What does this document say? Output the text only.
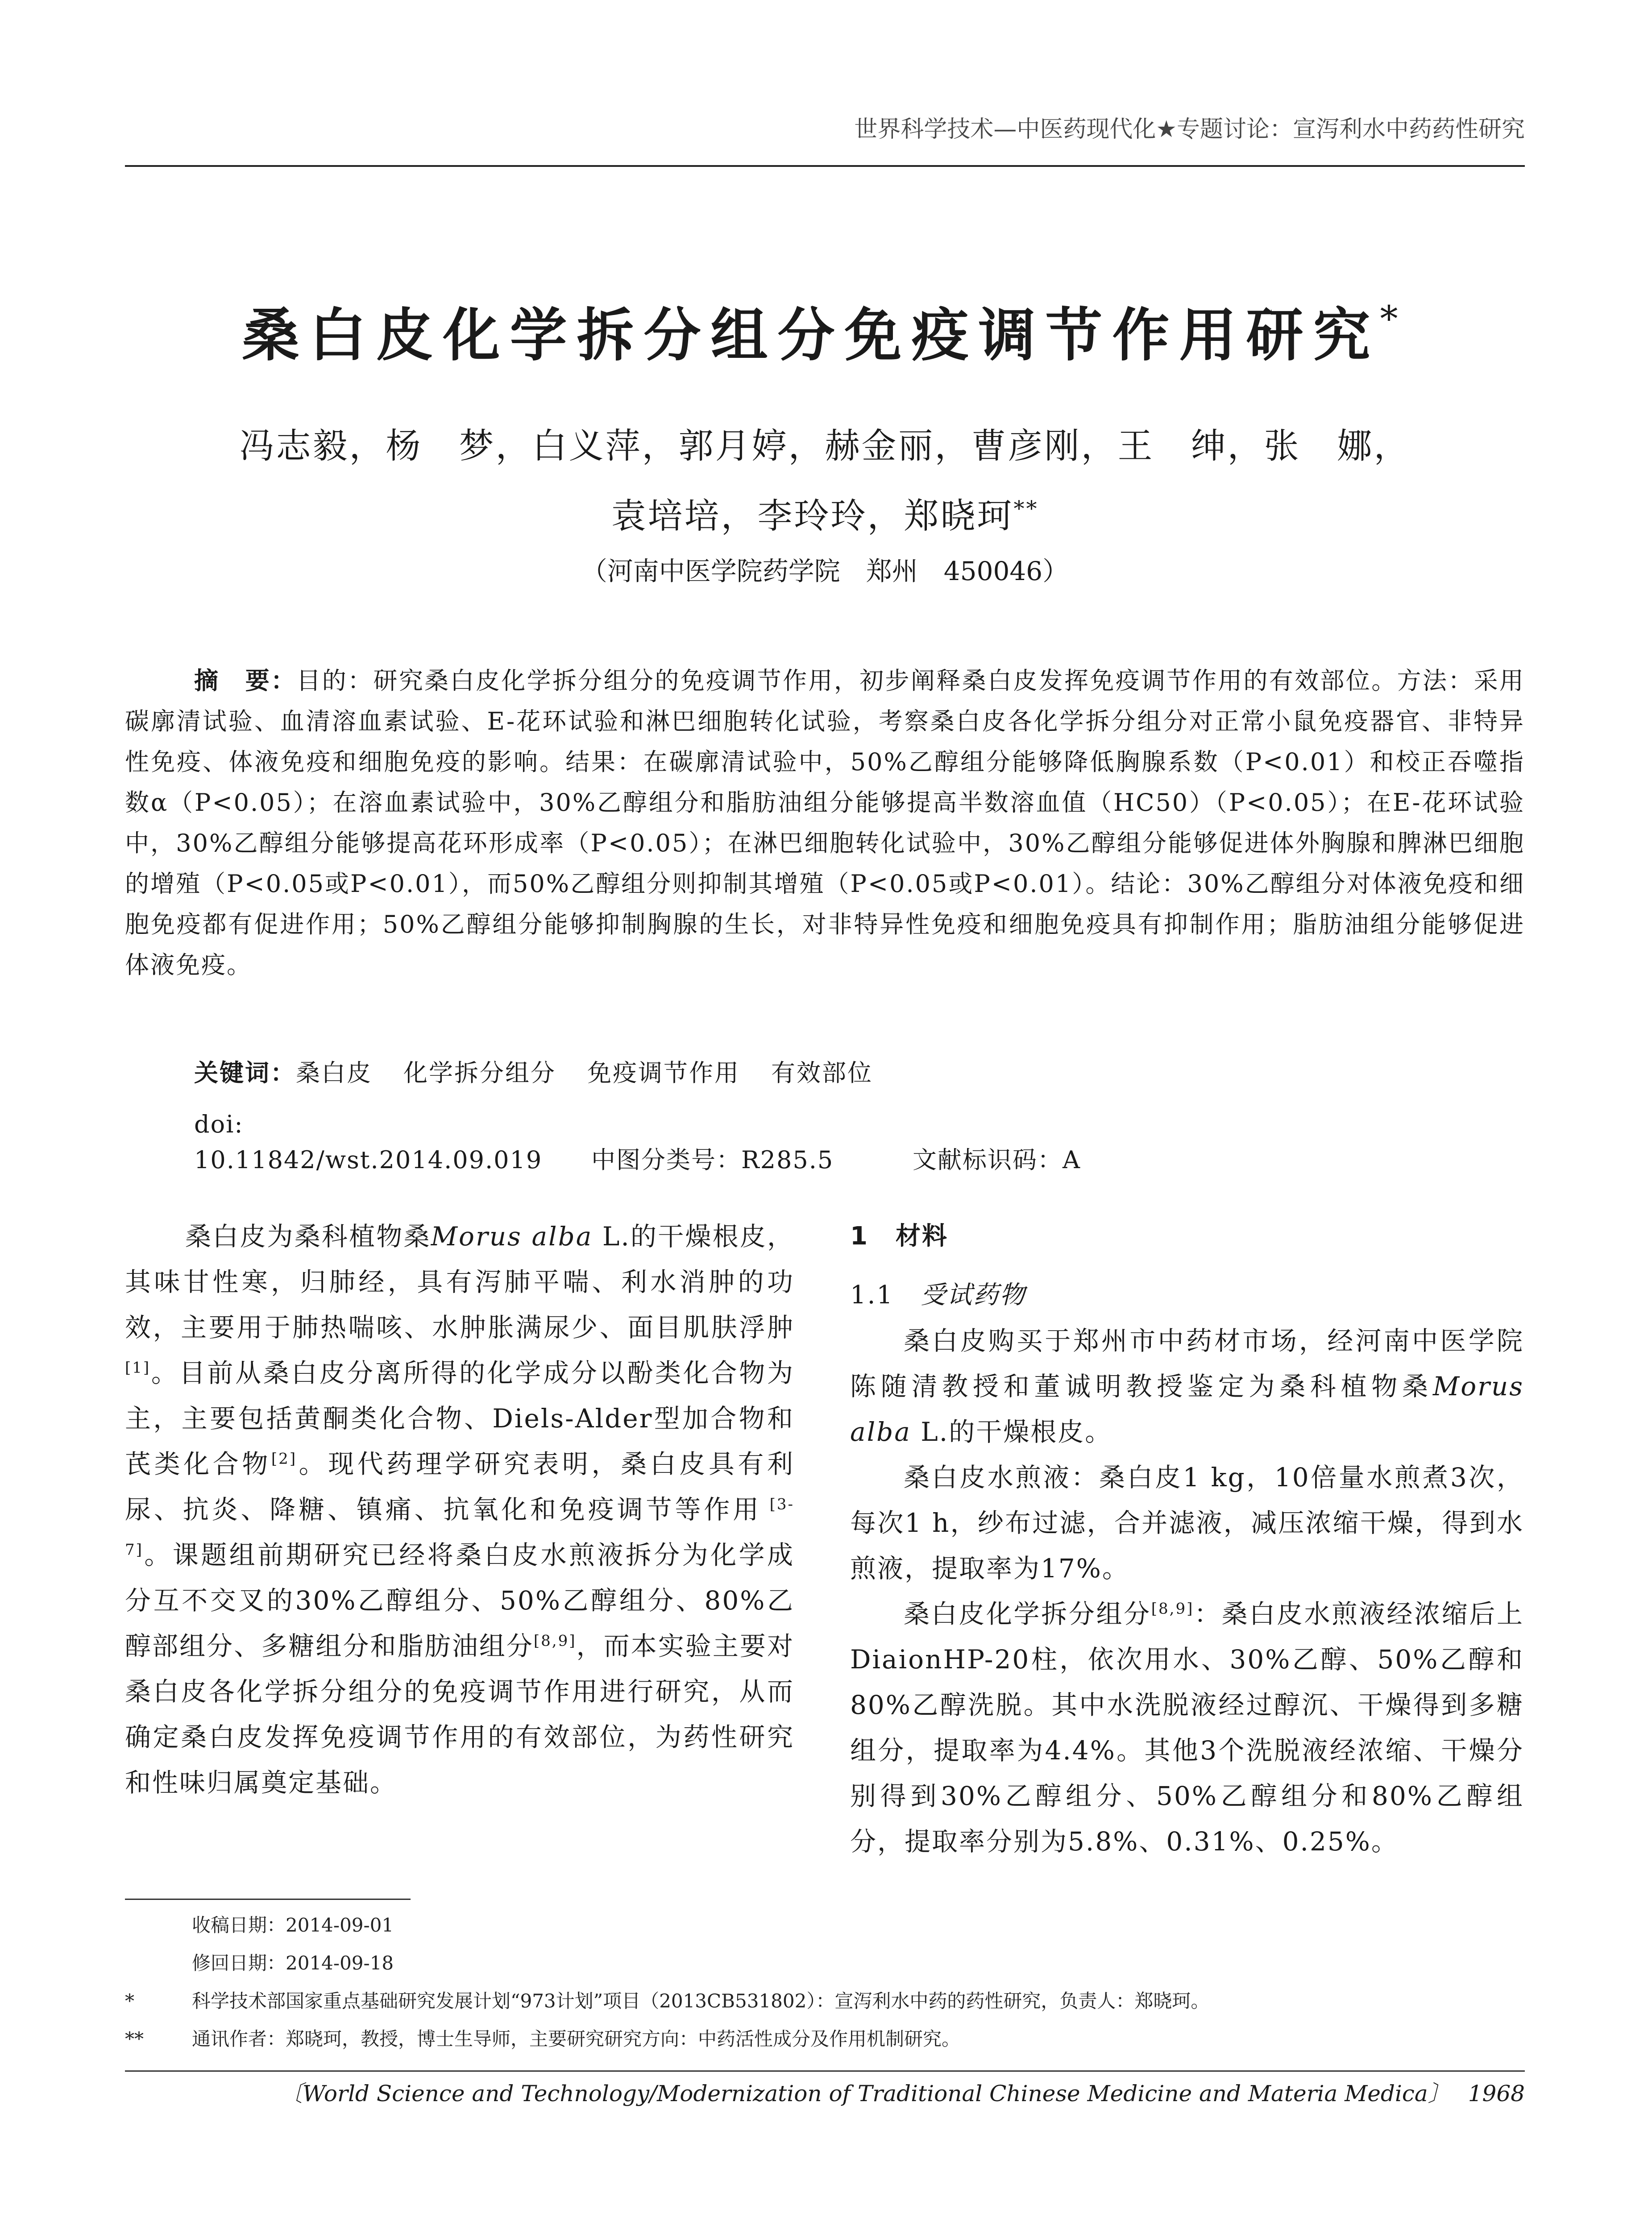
世界科学技术—中医药现代化★专题讨论：宣泻利水中药药性研究
桑白皮化学拆分组分免疫调节作用研究*
冯志毅，杨　梦，白义萍，郭月婷，赫金丽，曹彦刚，王　绅，张　娜，
袁培培，李玲玲，郑晓珂**
（河南中医学院药学院　郑州　450046）
摘　要：目的：研究桑白皮化学拆分组分的免疫调节作用，初步阐释桑白皮发挥免疫调节作用的有效部位。方法：采用碳廓清试验、血清溶血素试验、E-花环试验和淋巴细胞转化试验，考察桑白皮各化学拆分组分对正常小鼠免疫器官、非特异性免疫、体液免疫和细胞免疫的影响。结果：在碳廓清试验中，50%乙醇组分能够降低胸腺系数（P<0.01）和校正吞噬指数α（P<0.05）；在溶血素试验中，30%乙醇组分和脂肪油组分能够提高半数溶血值（HC50）（P<0.05）；在E-花环试验中，30%乙醇组分能够提高花环形成率（P<0.05）；在淋巴细胞转化试验中，30%乙醇组分能够促进体外胸腺和脾淋巴细胞的增殖（P<0.05或P<0.01），而50%乙醇组分则抑制其增殖（P<0.05或P<0.01）。结论：30%乙醇组分对体液免疫和细胞免疫都有促进作用；50%乙醇组分能够抑制胸腺的生长，对非特异性免疫和细胞免疫具有抑制作用；脂肪油组分能够促进体液免疫。
关键词：桑白皮 化学拆分组分 免疫调节作用 有效部位
doi: 10.11842/wst.2014.09.019 中图分类号：R285.5	文献标识码：A

桑白皮为桑科植物桑Morus alba L.的干燥根皮，其味甘性寒，归肺经，具有泻肺平喘、利水消肿的功效，主要用于肺热喘咳、水肿胀满尿少、面目肌肤浮肿[1]。目前从桑白皮分离所得的化学成分以酚类化合物为主，主要包括黄酮类化合物、Diels-Alder型加合物和芪类化合物[2]。现代药理学研究表明，桑白皮具有利尿、抗炎、降糖、镇痛、抗氧化和免疫调节等作用 [3-7]。课题组前期研究已经将桑白皮水煎液拆分为化学成分互不交叉的30%乙醇组分、50%乙醇组分、80%乙醇部组分、多糖组分和脂肪油组分[8,9]，而本实验主要对桑白皮各化学拆分组分的免疫调节作用进行研究，从而确定桑白皮发挥免疫调节作用的有效部位，为药性研究和性味归属奠定基础。

1 材料
1.1 受试药物

桑白皮购买于郑州市中药材市场，经河南中医学院陈随清教授和董诚明教授鉴定为桑科植物桑Morus alba L.的干燥根皮。

桑白皮水煎液：桑白皮1 kg，10倍量水煎煮3次，每次1 h，纱布过滤，合并滤液，减压浓缩干燥，得到水煎液，提取率为17%。

桑白皮化学拆分组分[8,9]：桑白皮水煎液经浓缩后上DiaionHP-20柱，依次用水、30%乙醇、50%乙醇和80%乙醇洗脱。其中水洗脱液经过醇沉、干燥得到多糖组分，提取率为4.4%。其他3个洗脱液经浓缩、干燥分别得到30%乙醇组分、50%乙醇组分和80%乙醇组分，提取率分别为5.8%、0.31%、0.25%。

收稿日期：2014-09-01
修回日期：2014-09-18
*	科学技术部国家重点基础研究发展计划“973计划”项目（2013CB531802）：宣泻利水中药的药性研究，负责人：郑晓珂。
**	通讯作者：郑晓珂，教授，博士生导师，主要研究研究方向：中药活性成分及作用机制研究。
〔World Science and Technology/Modernization of Traditional Chinese Medicine and Materia Medica〕 1968
